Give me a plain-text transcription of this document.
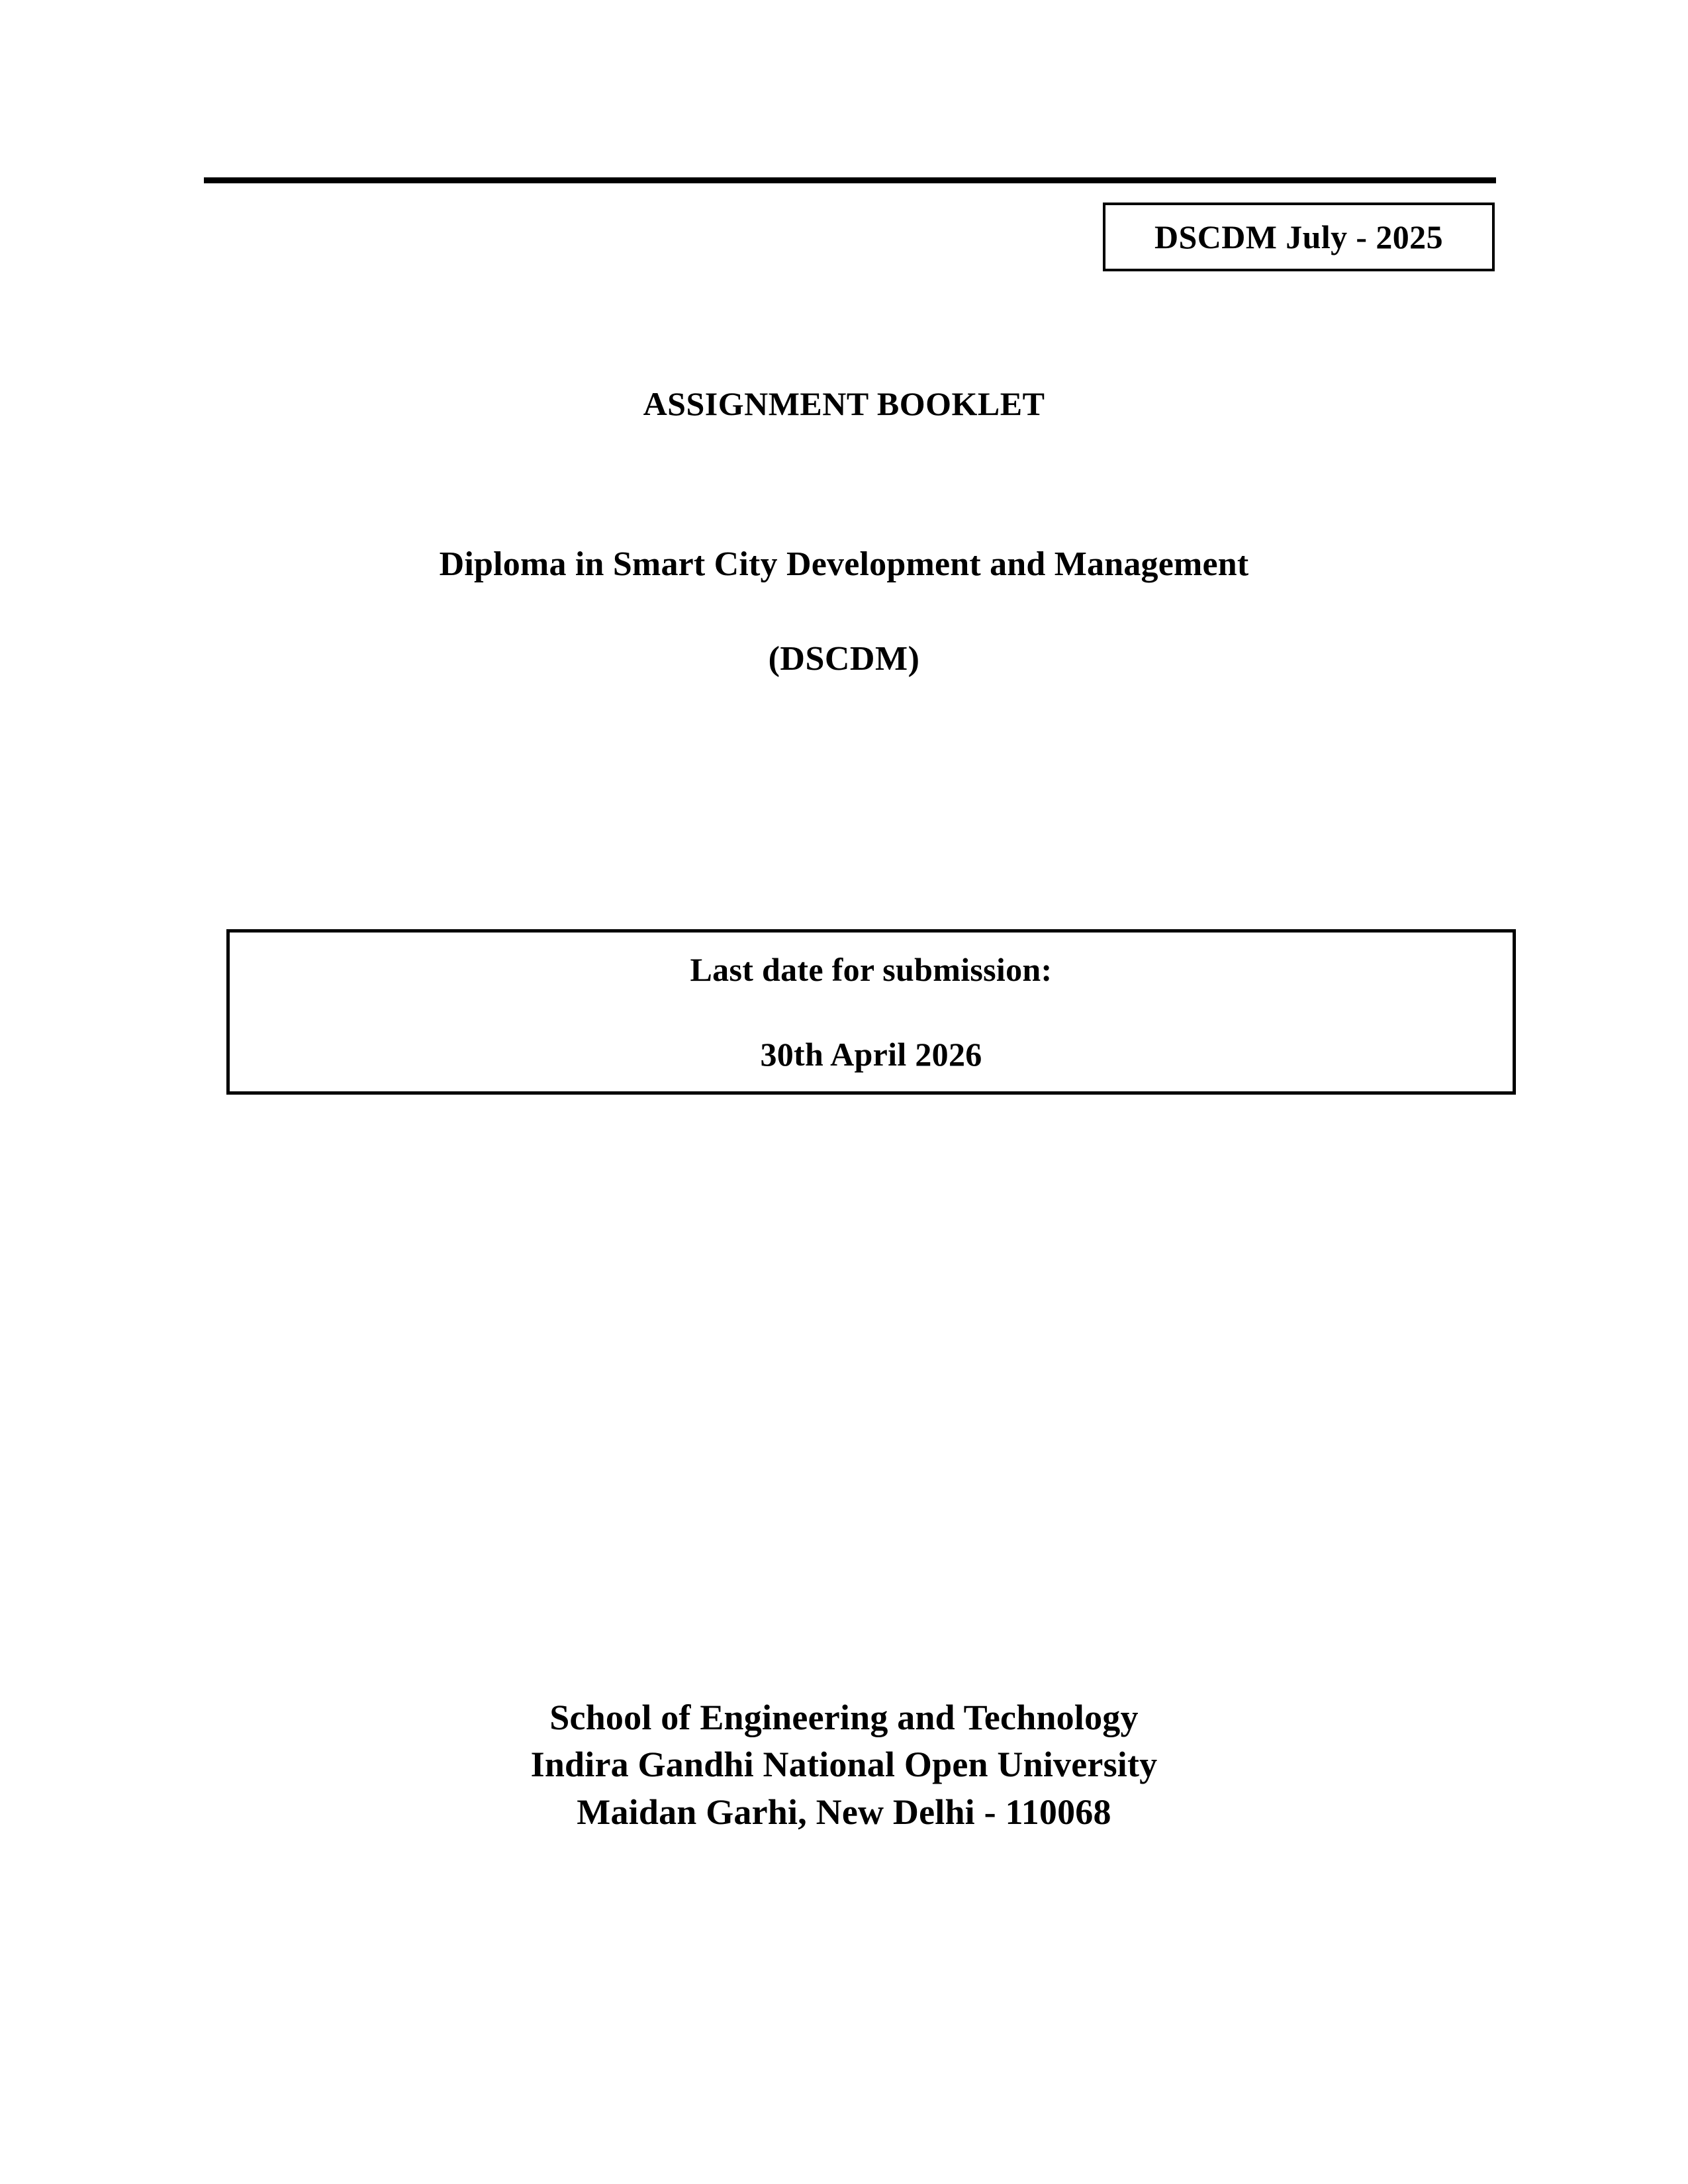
DSCDM July - 2025
ASSIGNMENT BOOKLET
Diploma in Smart City Development and Management
(DSCDM)
Last date for submission:
30th April 2026
School of Engineering and Technology
Indira Gandhi National Open University
Maidan Garhi, New Delhi - 110068
